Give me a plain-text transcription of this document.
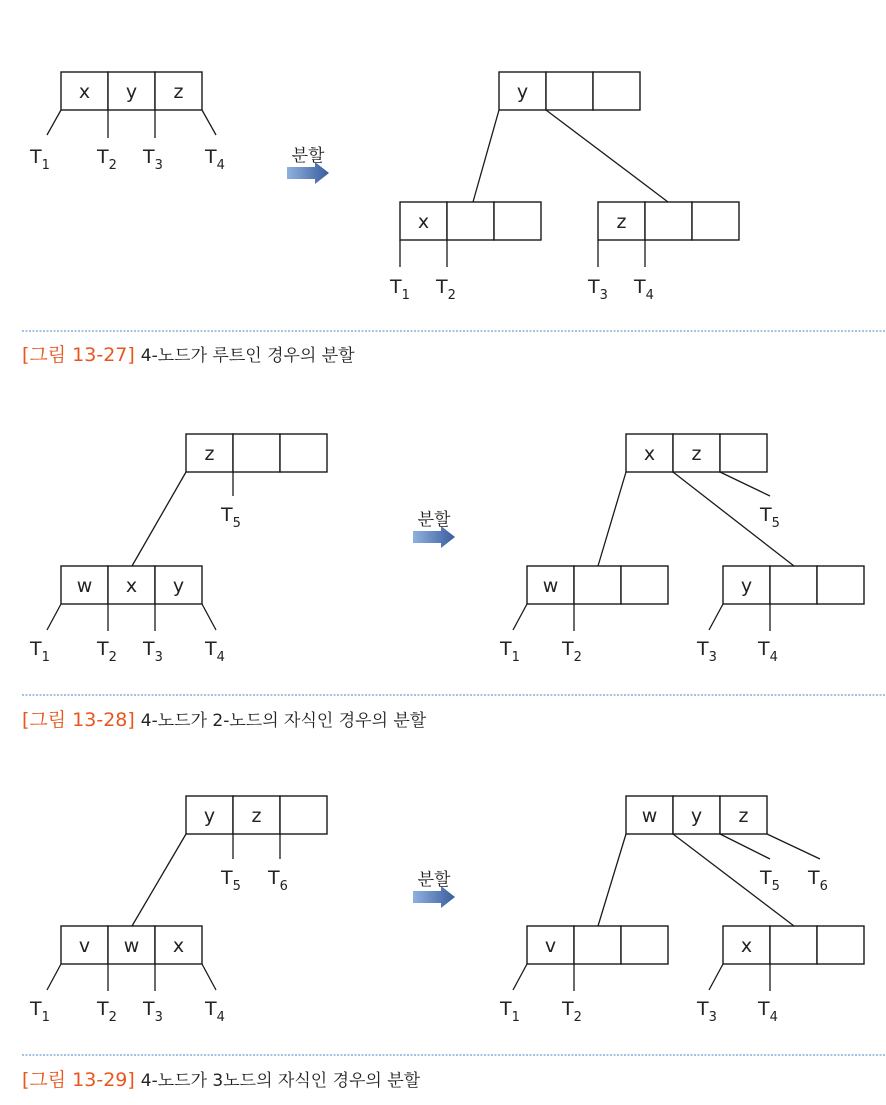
x y z
분할
y
x	z
z
w x y
분할
x z
w	y
y z
v w x
분할
w y z
v	x
$T_1$ $T_2$ $T_3$ $T_4$
$T_1$ $T_2$	$T_3$ $T_4$
$T_5$
$T_1$ $T_2$ $T_3$ $T_4$
$T_5$
$T_1$ $T_2$	$T_3$ $T_4$
$T_5$ $T_6$
$T_1$ $T_2$ $T_3$ $T_4$
$T_5$ $T_6$
$T_1$ $T_2$	$T_3$ $T_4$
[그림 13-27] 4-노드가 루트인 경우의 분할
[그림 13-28] 4-노드가 2-노드의 자식인 경우의 분할
[그림 13-29] 4-노드가 3노드의 자식인 경우의 분할
